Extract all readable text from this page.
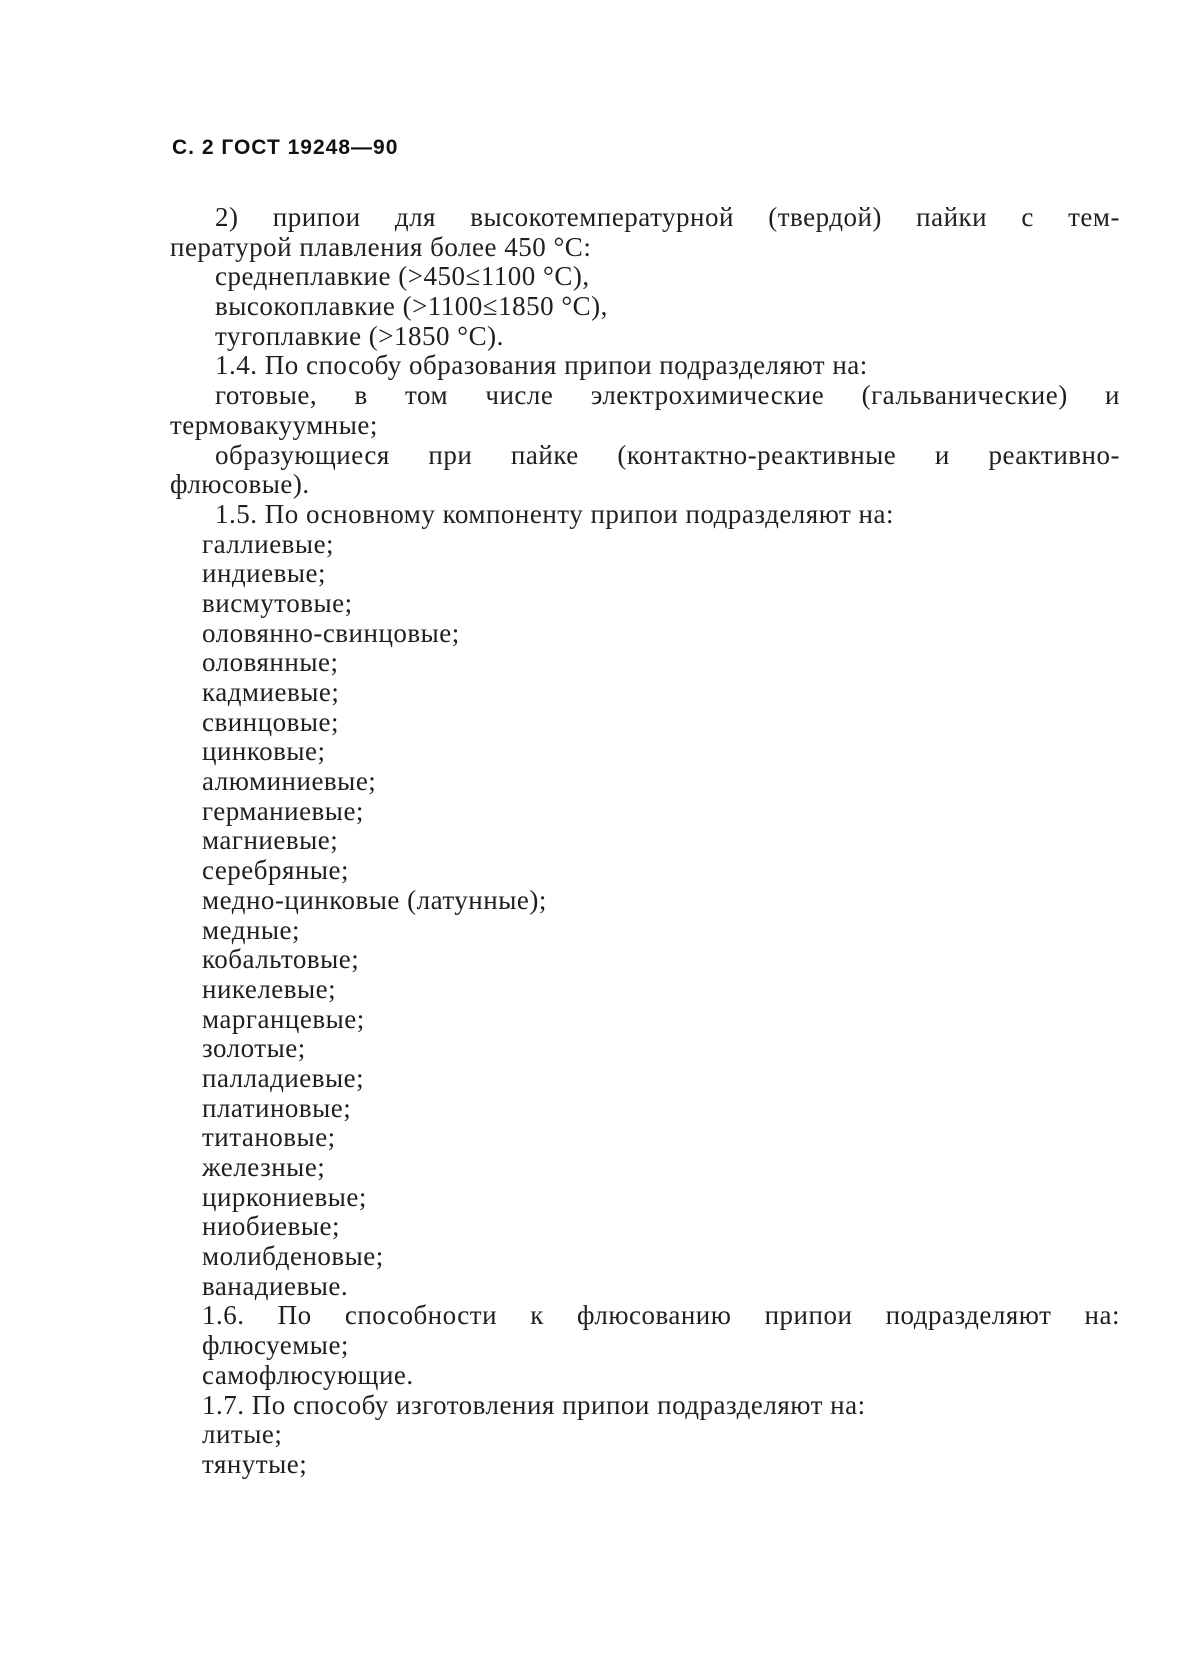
С. 2 ГОСТ 19248—90
2) припои для высокотемпературной (твердой) пайки с тем-
пературой плавления более 450 °С:
среднеплавкие (>450≤1100 °С),
высокоплавкие (>1100≤1850 °С),
тугоплавкие (>1850 °С).
1.4. По способу образования припои подразделяют на:
готовые, в том числе электрохимические (гальванические) и
термовакуумные;
образующиеся при пайке (контактно-реактивные и реактивно-
флюсовые).
1.5. По основному компоненту припои подразделяют на:
галлиевые;
индиевые;
висмутовые;
оловянно-свинцовые;
оловянные;
кадмиевые;
свинцовые;
цинковые;
алюминиевые;
германиевые;
магниевые;
серебряные;
медно-цинковые (латунные);
медные;
кобальтовые;
никелевые;
марганцевые;
золотые;
палладиевые;
платиновые;
титановые;
железные;
циркониевые;
ниобиевые;
молибденовые;
ванадиевые.
1.6. По способности к флюсованию припои подразделяют на:
флюсуемые;
самофлюсующие.
1.7. По способу изготовления припои подразделяют на:
литые;
тянутые;
